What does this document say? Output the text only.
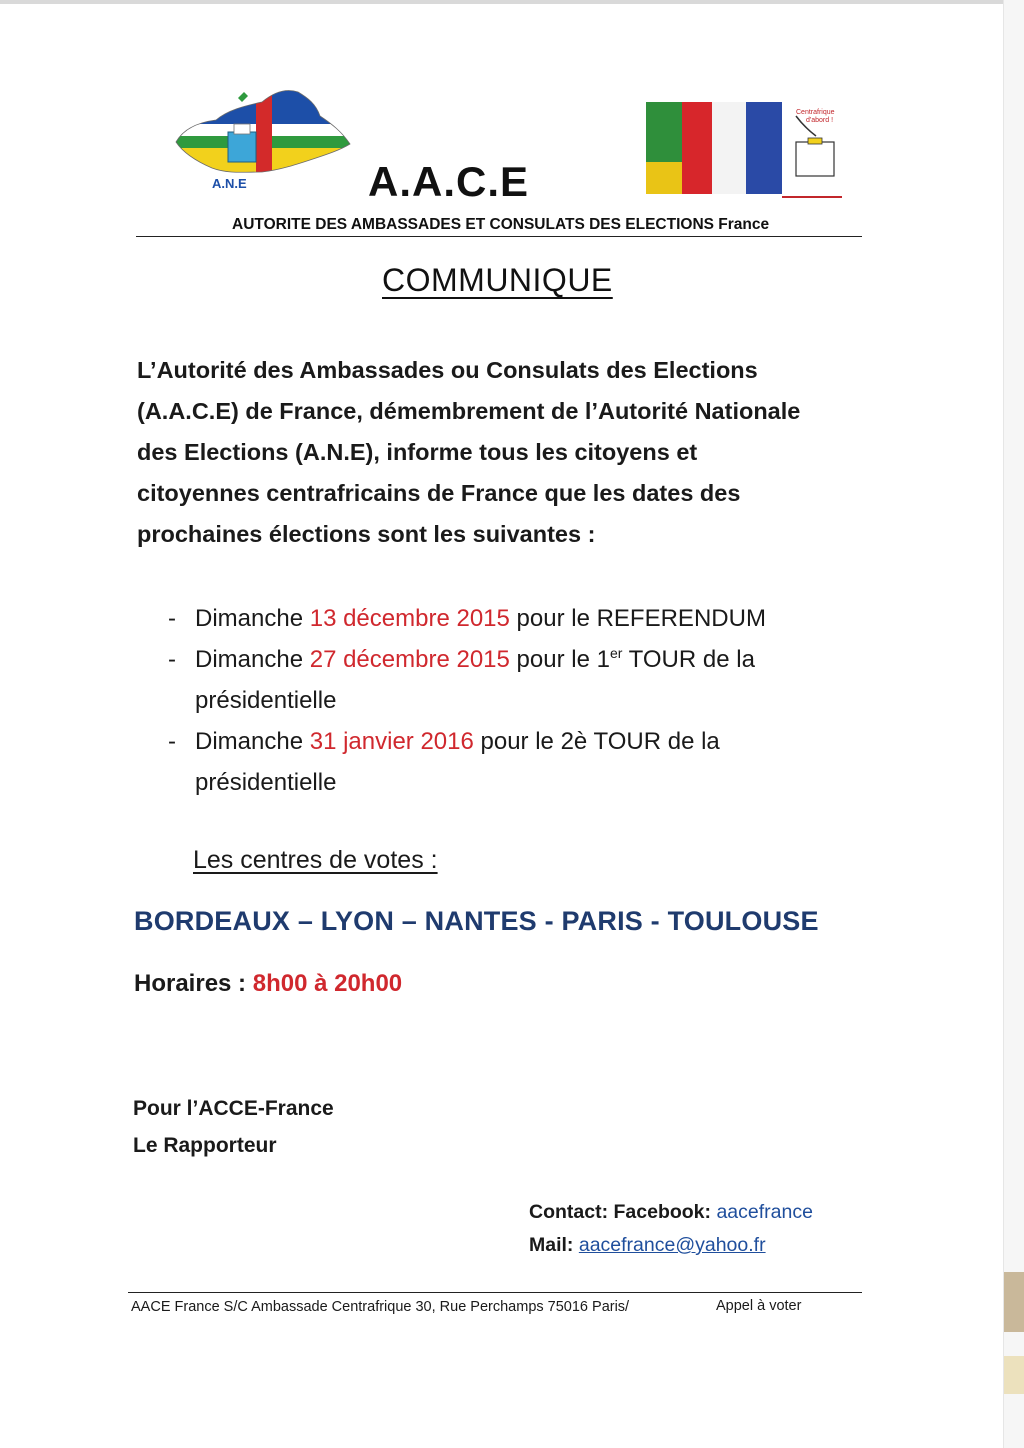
A.N.E
Centrafrique
d'abord !
A.A.C.E
AUTORITE DES AMBASSADES ET CONSULATS DES ELECTIONS France
COMMUNIQUE
L’Autorité des Ambassades ou Consulats des Elections
(A.A.C.E) de France, démembrement de l’Autorité Nationale
des Elections (A.N.E), informe tous les citoyens et
citoyennes centrafricains de France que les dates des
prochaines élections sont les suivantes :
- Dimanche 13 décembre 2015 pour le REFERENDUM
- Dimanche 27 décembre 2015 pour le 1er TOUR de la
présidentielle
- Dimanche 31 janvier 2016 pour le 2è TOUR de la
présidentielle
Les centres de votes :
BORDEAUX – LYON – NANTES - PARIS - TOULOUSE
Horaires : 8h00 à 20h00
Pour l’ACCE-France
Le Rapporteur
Contact: Facebook: aacefrance
Mail: aacefrance@yahoo.fr
AACE France S/C Ambassade Centrafrique 30, Rue Perchamps 75016 Paris/	Appel à voter
